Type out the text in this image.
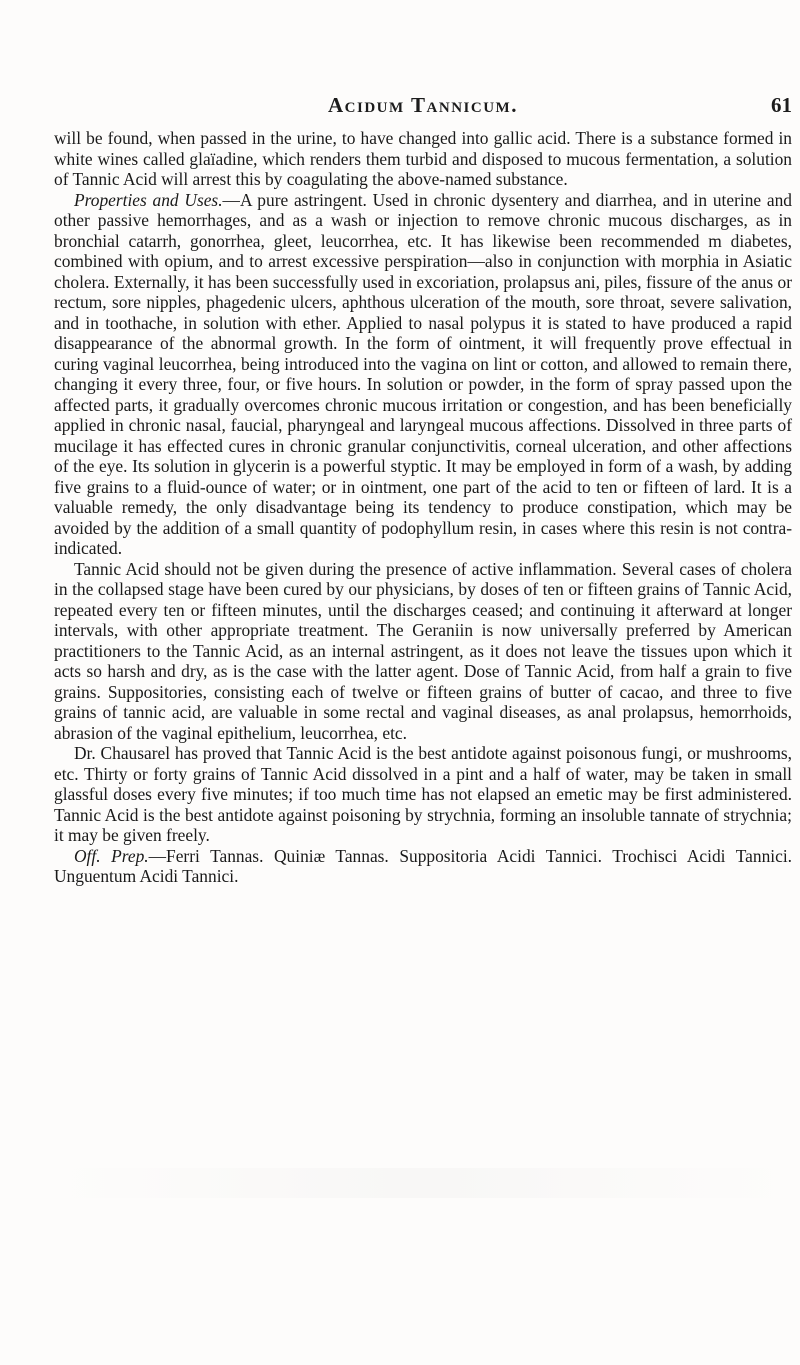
Acidum Tannicum.	61

will be found, when passed in the urine, to have changed into gallic acid. There is a substance formed in white wines called glaïadine, which renders them turbid and disposed to mucous fermentation, a solution of Tannic Acid will arrest this by coagulating the above-named substance.

Properties and Uses.—A pure astringent. Used in chronic dysentery and diarrhea, and in uterine and other passive hemorrhages, and as a wash or injection to remove chronic mucous discharges, as in bronchial catarrh, gonorrhea, gleet, leucorrhea, etc. It has likewise been recommended m diabetes, combined with opium, and to arrest excessive perspiration—also in conjunction with morphia in Asiatic cholera. Externally, it has been successfully used in excoriation, prolapsus ani, piles, fissure of the anus or rectum, sore nipples, phagedenic ulcers, aphthous ulceration of the mouth, sore throat, severe salivation, and in toothache, in solution with ether. Applied to nasal polypus it is stated to have produced a rapid disappearance of the abnormal growth. In the form of ointment, it will frequently prove effectual in curing vaginal leucorrhea, being introduced into the vagina on lint or cotton, and allowed to remain there, changing it every three, four, or five hours. In solution or powder, in the form of spray passed upon the affected parts, it gradually overcomes chronic mucous irritation or congestion, and has been beneficially applied in chronic nasal, faucial, pharyngeal and laryngeal mucous affections. Dissolved in three parts of mucilage it has effected cures in chronic granular conjunctivitis, corneal ulceration, and other affections of the eye. Its solution in glycerin is a powerful styptic. It may be employed in form of a wash, by adding five grains to a fluid-ounce of water; or in ointment, one part of the acid to ten or fifteen of lard. It is a valuable remedy, the only disadvantage being its tendency to produce constipation, which may be avoided by the addition of a small quantity of podophyllum resin, in cases where this resin is not contra-indicated.

Tannic Acid should not be given during the presence of active inflammation. Several cases of cholera in the collapsed stage have been cured by our physicians, by doses of ten or fifteen grains of Tannic Acid, repeated every ten or fifteen minutes, until the discharges ceased; and continuing it afterward at longer intervals, with other appropriate treatment. The Geraniin is now universally preferred by American practitioners to the Tannic Acid, as an internal astringent, as it does not leave the tissues upon which it acts so harsh and dry, as is the case with the latter agent. Dose of Tannic Acid, from half a grain to five grains. Suppositories, consisting each of twelve or fifteen grains of butter of cacao, and three to five grains of tannic acid, are valuable in some rectal and vaginal diseases, as anal prolapsus, hemorrhoids, abrasion of the vaginal epithelium, leucorrhea, etc.

Dr. Chausarel has proved that Tannic Acid is the best antidote against poisonous fungi, or mushrooms, etc. Thirty or forty grains of Tannic Acid dissolved in a pint and a half of water, may be taken in small glassful doses every five minutes; if too much time has not elapsed an emetic may be first administered. Tannic Acid is the best antidote against poisoning by strychnia, forming an insoluble tannate of strychnia; it may be given freely.

Off. Prep.—Ferri Tannas. Quiniæ Tannas. Suppositoria Acidi Tannici. Trochisci Acidi Tannici. Unguentum Acidi Tannici.
